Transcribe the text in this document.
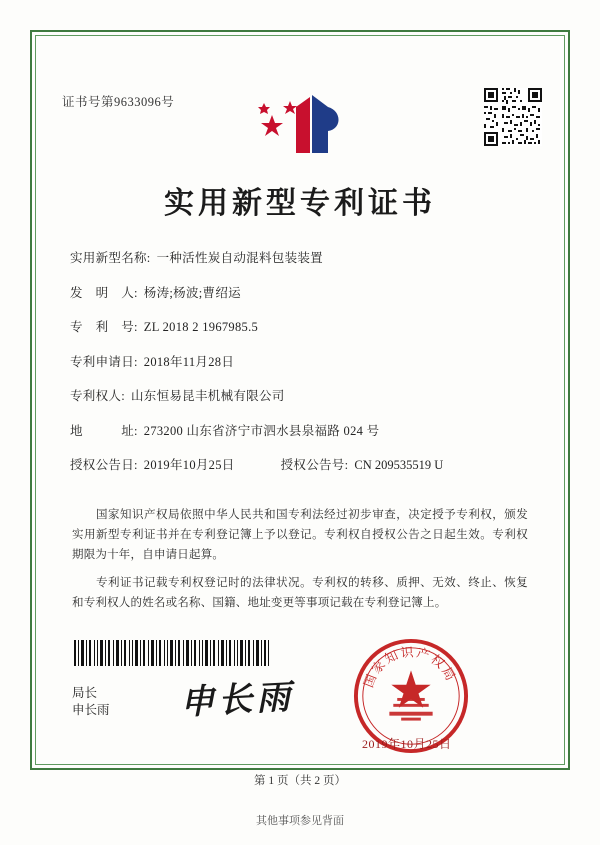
证书号第9633096号
实用新型专利证书
实用新型名称: 一种活性炭自动混料包装装置
发　明　人: 杨涛;杨波;曹绍运
专　利　号: ZL 2018 2 1967985.5
专利申请日: 2018年11月28日
专利权人: 山东恒易昆丰机械有限公司
地　　　址: 273200 山东省济宁市泗水县泉福路 024 号
授权公告日: 2019年10月25日	授权公告号: CN 209535519 U

国家知识产权局依照中华人民共和国专利法经过初步审查，决定授予专利权，颁发实用新型专利证书并在专利登记簿上予以登记。专利权自授权公告之日起生效。专利权期限为十年，自申请日起算。

专利证书记载专利权登记时的法律状况。专利权的转移、质押、无效、终止、恢复和专利权人的姓名或名称、国籍、地址变更等事项记载在专利登记簿上。

局长
申长雨 申长雨	国家知识产权局
2019年10月25日
第 1 页（共 2 页）
其他事项参见背面
